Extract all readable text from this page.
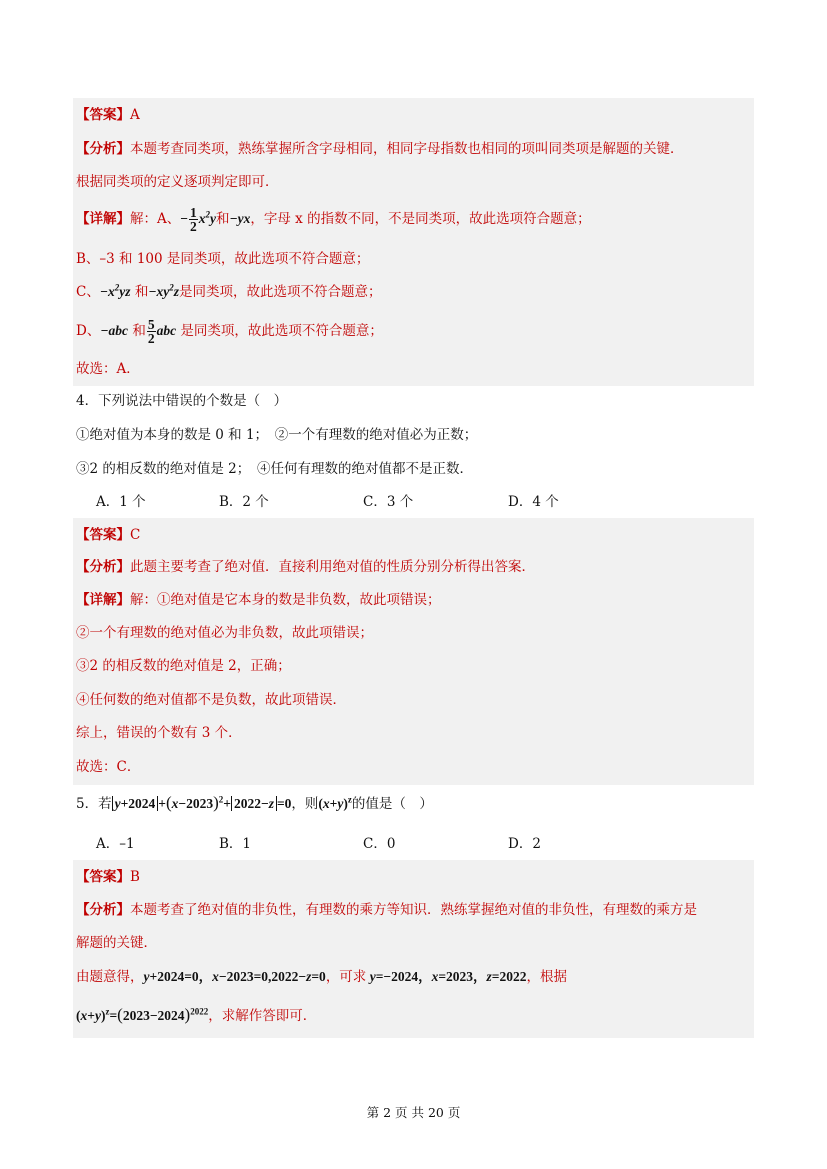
【答案】A
【分析】本题考查同类项，熟练掌握所含字母相同，相同字母指数也相同的项叫同类项是解题的关键．
根据同类项的定义逐项判定即可．
【详解】解：A、− $\frac{1}{2} x^2y$和−yx，字母 x 的指数不同，不是同类项，故此选项符合题意；
B、–3 和 100 是同类项，故此选项不符合题意；
C、$-x^2yz$ 和$-xy^2z$是同类项，故此选项不符合题意；
D、−abc 和 $\frac{5}{2}$ abc 是同类项，故此选项不符合题意；
故选：A．
4．下列说法中错误的个数是（　）
①绝对值为本身的数是 0 和 1；　②一个有理数的绝对值必为正数；
③2 的相反数的绝对值是 2；　④任何有理数的绝对值都不是正数．
A．1 个	B．2 个	C．3 个	D．4 个
【答案】C
【分析】此题主要考查了绝对值．直接利用绝对值的性质分别分析得出答案．
【详解】解：①绝对值是它本身的数是非负数，故此项错误；
②一个有理数的绝对值必为非负数，故此项错误；
③2 的相反数的绝对值是 2，正确；
④任何数的绝对值都不是负数，故此项错误．
综上，错误的个数有 3 个．
故选：C．
5．若 $y+2024 +(x-2023)^2+ 2022-z =0$，则$(x+y)^z$的值是（　）
A．–1	B．1	C．0	D．2
【答案】B
【分析】本题考查了绝对值的非负性，有理数的乘方等知识．熟练掌握绝对值的非负性，有理数的乘方是
解题的关键．
由题意得，y+2024=0，x−2023=0,2022−z=0，可求 y=−2024，x=2023，z=2022，根据
$(x+y)^z=(2023-2024)^{2022}$，求解作答即可．
第 2 页 共 20 页
